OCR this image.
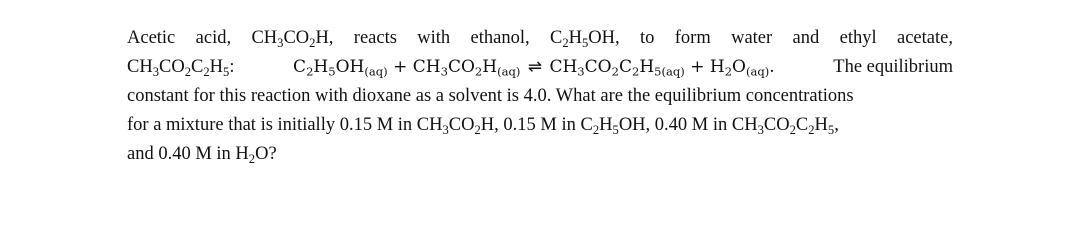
Acetic acid, $CH_3CO_2H$, reacts with ethanol, $C_2H_5OH$, to form water and ethyl acetate,
$CH_3CO_2C_2H_5$:	$C_2H_5OH_{(aq)} + CH_3CO_2H_{(aq)}$ ⇌ $CH_3CO_2C_2H_{5(aq)} + H_2O_{(aq)}$.	The equilibrium
constant for this reaction with dioxane as a solvent is 4.0. What are the equilibrium concentrations
for a mixture that is initially 0.15 M in $CH_3CO_2H$, 0.15 M in $C_2H_5OH$, 0.40 M in $CH_3CO_2C_2H_5$,
and 0.40 M in $H_2O$?
